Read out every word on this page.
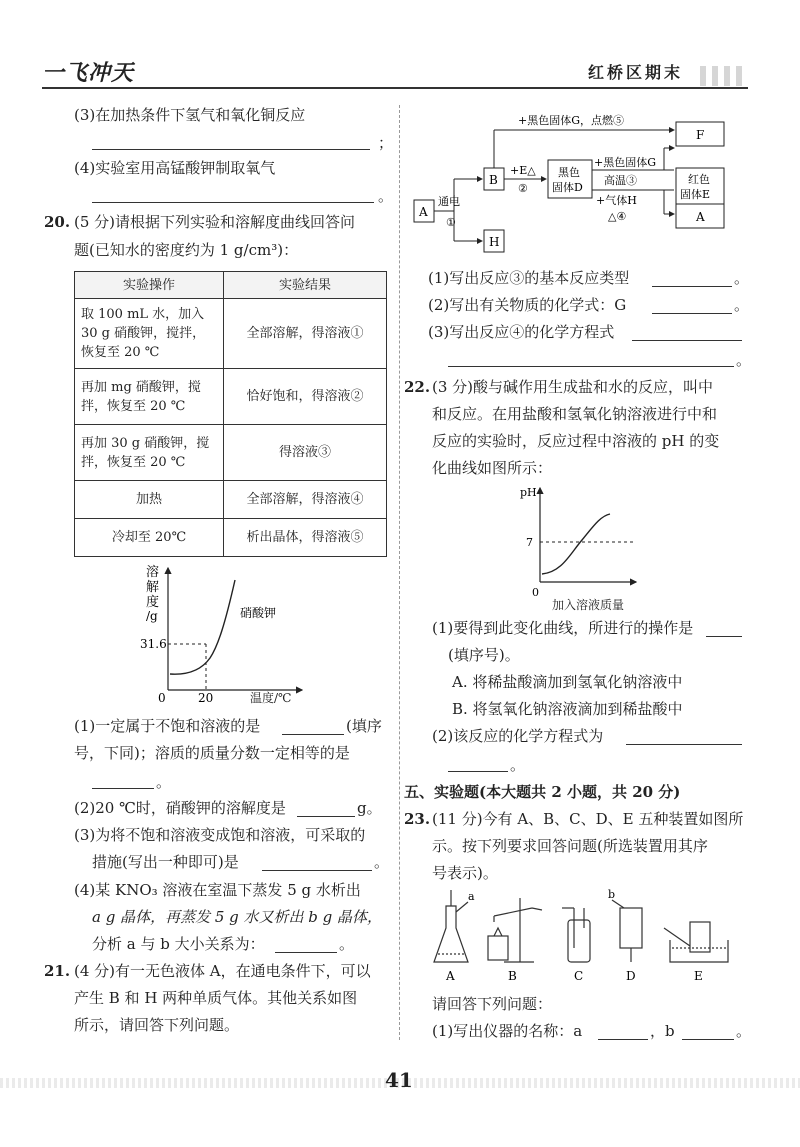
一飞冲天	红桥区期末
(3)在加热条件下氢气和氧化铜反应
；
(4)实验室用高锰酸钾制取氧气
。
20. (5 分)请根据下列实验和溶解度曲线回答问
题(已知水的密度约为 1 g/cm³)：
实验操作	实验结果

取 100 mL 水，加入
30 g 硝酸钾，搅拌，
恢复至 20 ℃	全部溶解，得溶液①

再加 mg 硝酸钾，搅
拌，恢复至 20 ℃	恰好饱和，得溶液②

再加 30 g 硝酸钾，搅
拌，恢复至 20 ℃	得溶液③

加热	全部溶解，得溶液④

冷却至 20℃	析出晶体，得溶液⑤
溶
解
度
/g	硝酸钾
31.6
0	20	温度/℃
(1)一定属于不饱和溶液的是	(填序
号，下同)；溶质的质量分数一定相等的是
。
(2)20 ℃时，硝酸钾的溶解度是	g。
(3)为将不饱和溶液变成饱和溶液，可采取的
措施(写出一种即可)是	。
(4)某 KNO₃ 溶液在室温下蒸发 5 g 水析出
a g 晶体，再蒸发 5 g 水又析出 b g 晶体，
分析 a 与 b 大小关系为：	。
21. (4 分)有一无色液体 A，在通电条件下，可以
产生 B 和 H 两种单质气体。其他关系如图
所示，请回答下列问题。
A
B
H
F
A
黑色
固体D
红色
固体E
通电
①
+E△
②
+黑色固体G，点燃⑤
+黑色固体G
高温③
+气体H
△④
(1)写出反应③的基本反应类型	。
(2)写出有关物质的化学式：G	。
(3)写出反应④的化学方程式
。
22. (3 分)酸与碱作用生成盐和水的反应，叫中
和反应。在用盐酸和氢氧化钠溶液进行中和
反应的实验时，反应过程中溶液的 pH 的变
化曲线如图所示：
pH
7
0
加入溶液质量
(1)要得到此变化曲线，所进行的操作是
(填序号)。
A. 将稀盐酸滴加到氢氧化钠溶液中
B. 将氢氧化钠溶液滴加到稀盐酸中
(2)该反应的化学方程式为
。
五、实验题(本大题共 2 小题，共 20 分)
23. (11 分)今有 A、B、C、D、E 五种装置如图所
示。按下列要求回答问题(所选装置用其序
号表示)。
a	b
A	B	C	D	E
请回答下列问题：
(1)写出仪器的名称：a	，b	。
41
